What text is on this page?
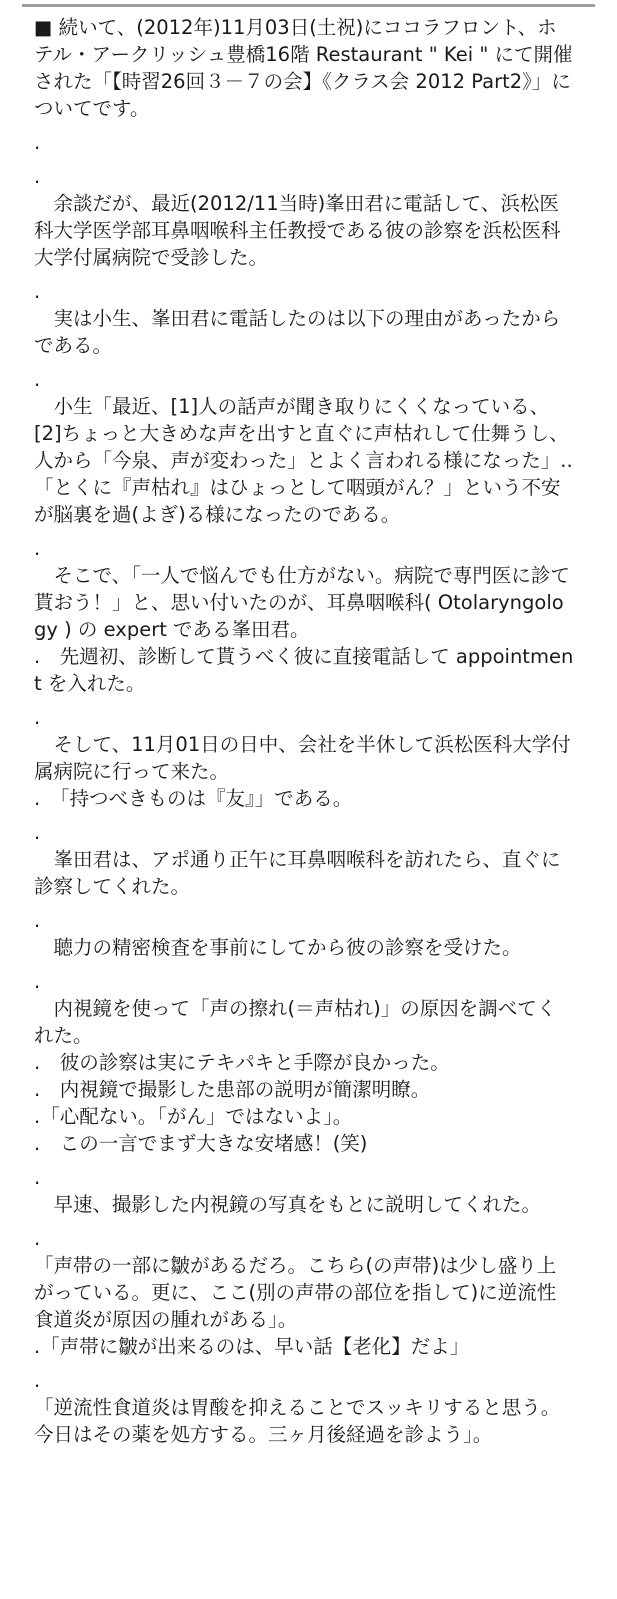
■ 続いて、(2012年)11月03日(土祝)にココラフロント、ホテル・アークリッシュ豊橋16階 Restaurant " Kei " にて開催された「【時習26回３－７の会】《クラス会 2012 Part2》」についてです。

.

.

　余談だが、最近(2012/11当時)峯田君に電話して、浜松医科大学医学部耳鼻咽喉科主任教授である彼の診察を浜松医科大学付属病院で受診した。

.

　実は小生、峯田君に電話したのは以下の理由があったからである。

.

　小生「最近、[1]人の話声が聞き取りにくくなっている、[2]ちょっと大きめな声を出すと直ぐに声枯れして仕舞うし、人から「今泉、声が変わった」とよく言われる様になった」..「とくに『声枯れ』はひょっとして咽頭がん？」という不安が脳裏を過(よぎ)る様になったのである。

.

　そこで、「一人で悩んでも仕方がない。病院で専門医に診て貰おう！」と、思い付いたのが、耳鼻咽喉科( Otolaryngology ) の expert である峯田君。

.　先週初、診断して貰うべく彼に直接電話して appointment を入れた。

.

　そして、11月01日の日中、会社を半休して浜松医科大学付属病院に行って来た。

.　「持つべきものは『友』」である。

.

　峯田君は、アポ通り正午に耳鼻咽喉科を訪れたら、直ぐに診察してくれた。

.

　聴力の精密検査を事前にしてから彼の診察を受けた。

.

　内視鏡を使って「声の擦れ(＝声枯れ)」の原因を調べてくれた。

.　彼の診察は実にテキパキと手際が良かった。

.　内視鏡で撮影した患部の説明が簡潔明瞭。

.「心配ない。「がん」ではないよ」。

.　この一言でまず大きな安堵感！(笑)

.

　早速、撮影した内視鏡の写真をもとに説明してくれた。

.

「声帯の一部に皺があるだろ。こちら(の声帯)は少し盛り上がっている。更に、ここ(別の声帯の部位を指して)に逆流性食道炎が原因の腫れがある」。

.「声帯に皺が出来るのは、早い話【老化】だよ」

.

「逆流性食道炎は胃酸を抑えることでスッキリすると思う。今日はその薬を処方する。三ヶ月後経過を診よう」。
